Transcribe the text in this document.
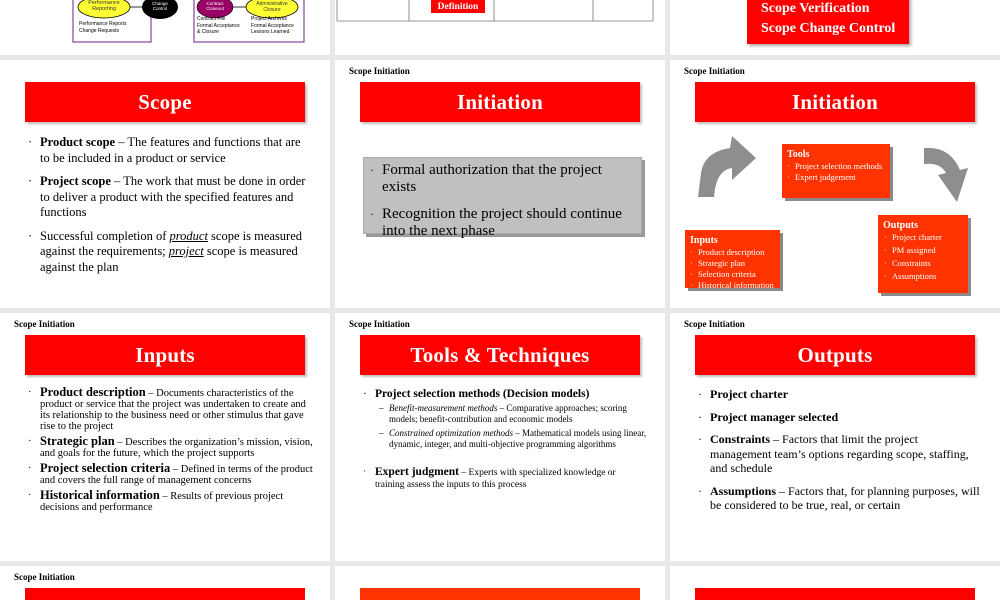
Performance Reporting
Change Control
Contract Closeout
Administrative Closure
Performance Reports
Change Requests
Contract File
Formal Acceptance
& Closure
Project Archives
Formal Acceptance
Lessons Learned
Definition	Scope Verification
Scope Change Control
Scope
· Product scope – The features and functions that are to be included in a product or service
· Project scope – The work that must be done in order to deliver a product with the specified features and functions
· Successful completion of product scope is measured against the requirements; project scope is measured against the plan
Scope Initiation
Initiation
· Formal authorization that the project exists
· Recognition the project should continue into the next phase
Scope Initiation
Initiation
Tools
· Project selection methods
· Expert judgement
Inputs
· Product description
· Strategic plan
· Selection criteria
· Historical information
Outputs
· Project charter
· PM assigned
· Constraints
· Assumptions
Scope Initiation
Inputs
· Product description – Documents characteristics of the product or service that the project was undertaken to create and its relationship to the business need or other stimulus that gave rise to the project
· Strategic plan – Describes the organization’s mission, vision, and goals for the future, which the project supports
· Project selection criteria – Defined in terms of the product and covers the full range of management concerns
· Historical information – Results of previous project decisions and performance
Scope Initiation
Tools & Techniques
· Project selection methods (Decision models)
– Benefit-measurement methods – Comparative approaches; scoring models; benefit-contribution and economic models
– Constrained optimization methods – Mathematical models using linear, dynamic, integer, and multi-objective programming algorithms
· Expert judgment – Experts with specialized knowledge or training assess the inputs to this process
Scope Initiation
Outputs
· Project charter
· Project manager selected
· Constraints – Factors that limit the project management team’s options regarding scope, staffing, and schedule
· Assumptions – Factors that, for planning purposes, will be considered to be true, real, or certain
Scope Initiation
